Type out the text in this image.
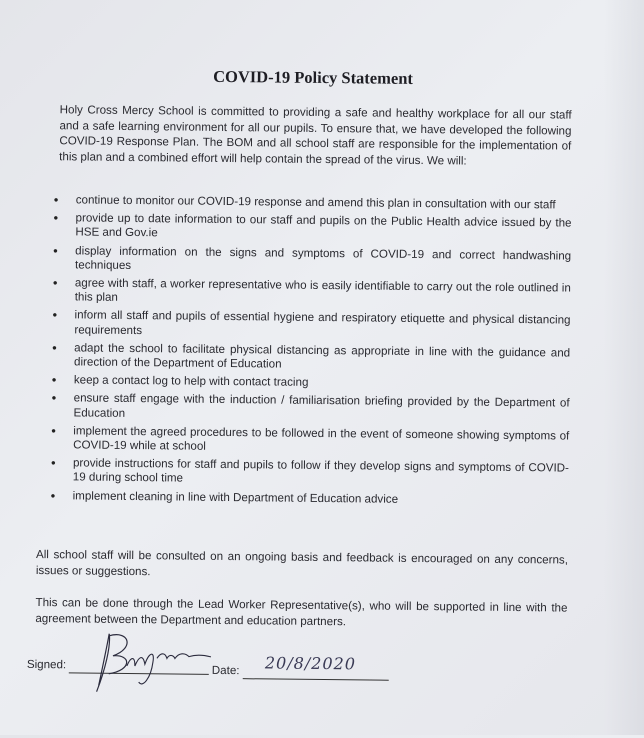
COVID-19 Policy Statement
Holy Cross Mercy School is committed to providing a safe and healthy workplace for all our staff and a safe learning environment for all our pupils. To ensure that, we have developed the following COVID-19 Response Plan. The BOM and all school staff are responsible for the implementation of this plan and a combined effort will help contain the spread of the virus. We will:
• continue to monitor our COVID-19 response and amend this plan in consultation with our staff
• provide up to date information to our staff and pupils on the Public Health advice issued by the HSE and Gov.ie
• display information on the signs and symptoms of COVID-19 and correct handwashing techniques
• agree with staff, a worker representative who is easily identifiable to carry out the role outlined in this plan
• inform all staff and pupils of essential hygiene and respiratory etiquette and physical distancing requirements
• adapt the school to facilitate physical distancing as appropriate in line with the guidance and direction of the Department of Education
• keep a contact log to help with contact tracing
• ensure staff engage with the induction / familiarisation briefing provided by the Department of Education
• implement the agreed procedures to be followed in the event of someone showing symptoms of COVID-19 while at school
• provide instructions for staff and pupils to follow if they develop signs and symptoms of COVID-19 during school time
• implement cleaning in line with Department of Education advice
All school staff will be consulted on an ongoing basis and feedback is encouraged on any concerns, issues or suggestions.
This can be done through the Lead Worker Representative(s), who will be supported in line with the agreement between the Department and education partners.
Signed:	Date: 20/8/2020
